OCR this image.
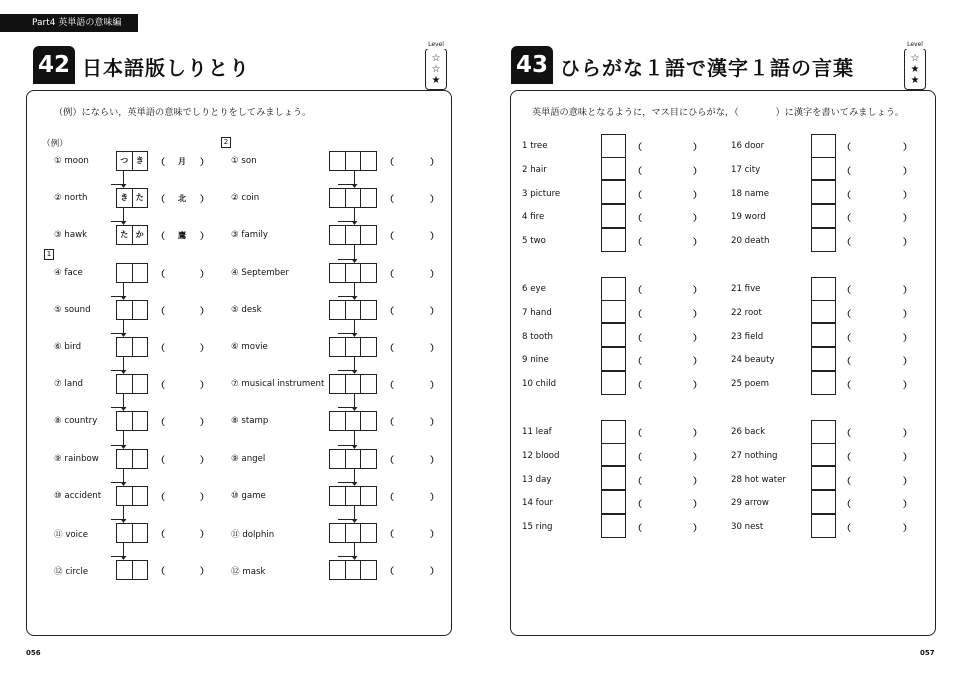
Part4 英単語の意味編
42 日本語版しりとり
Level
☆
☆
★
（例）にならい，英単語の意味でしりとりをしてみましょう。
（例）
1
2
① moon	つ き	（	月	）
② north	き た	（	北	）
③ hawk	た か	（	鷹	）
④ face	（	）
⑤ sound	（	）
⑥ bird	（	）
⑦ land	（	）
⑧ country	（	）
⑨ rainbow	（	）
⑩ accident	（	）
⑪ voice	（	）
⑫ circle	（	）
① son	（	）
② coin	（	）
③ family	（	）
④ September	（	）
⑤ desk	（	）
⑥ movie	（	）
⑦ musical instrument	（	）
⑧ stamp	（	）
⑨ angel	（	）
⑩ game	（	）
⑪ dolphin	（	）
⑫ mask	（	）
056
43 ひらがな１語で漢字１語の言葉
Level
☆
★
★
英単語の意味となるように，マス目にひらがな，（　　　　）に漢字を書いてみましょう。
1 tree	（	）
2 hair	（	）
3 picture	（	）
4 fire	（	）
5 two	（	）
6 eye	（	）
7 hand	（	）
8 tooth	（	）
9 nine	（	）
10 child	（	）
11 leaf	（	）
12 blood	（	）
13 day	（	）
14 four	（	）
15 ring	（	）
16 door	（	）
17 city	（	）
18 name	（	）
19 word	（	）
20 death	（	）
21 five	（	）
22 root	（	）
23 field	（	）
24 beauty	（	）
25 poem	（	）
26 back	（	）
27 nothing	（	）
28 hot water	（	）
29 arrow	（	）
30 nest	（	）
057
